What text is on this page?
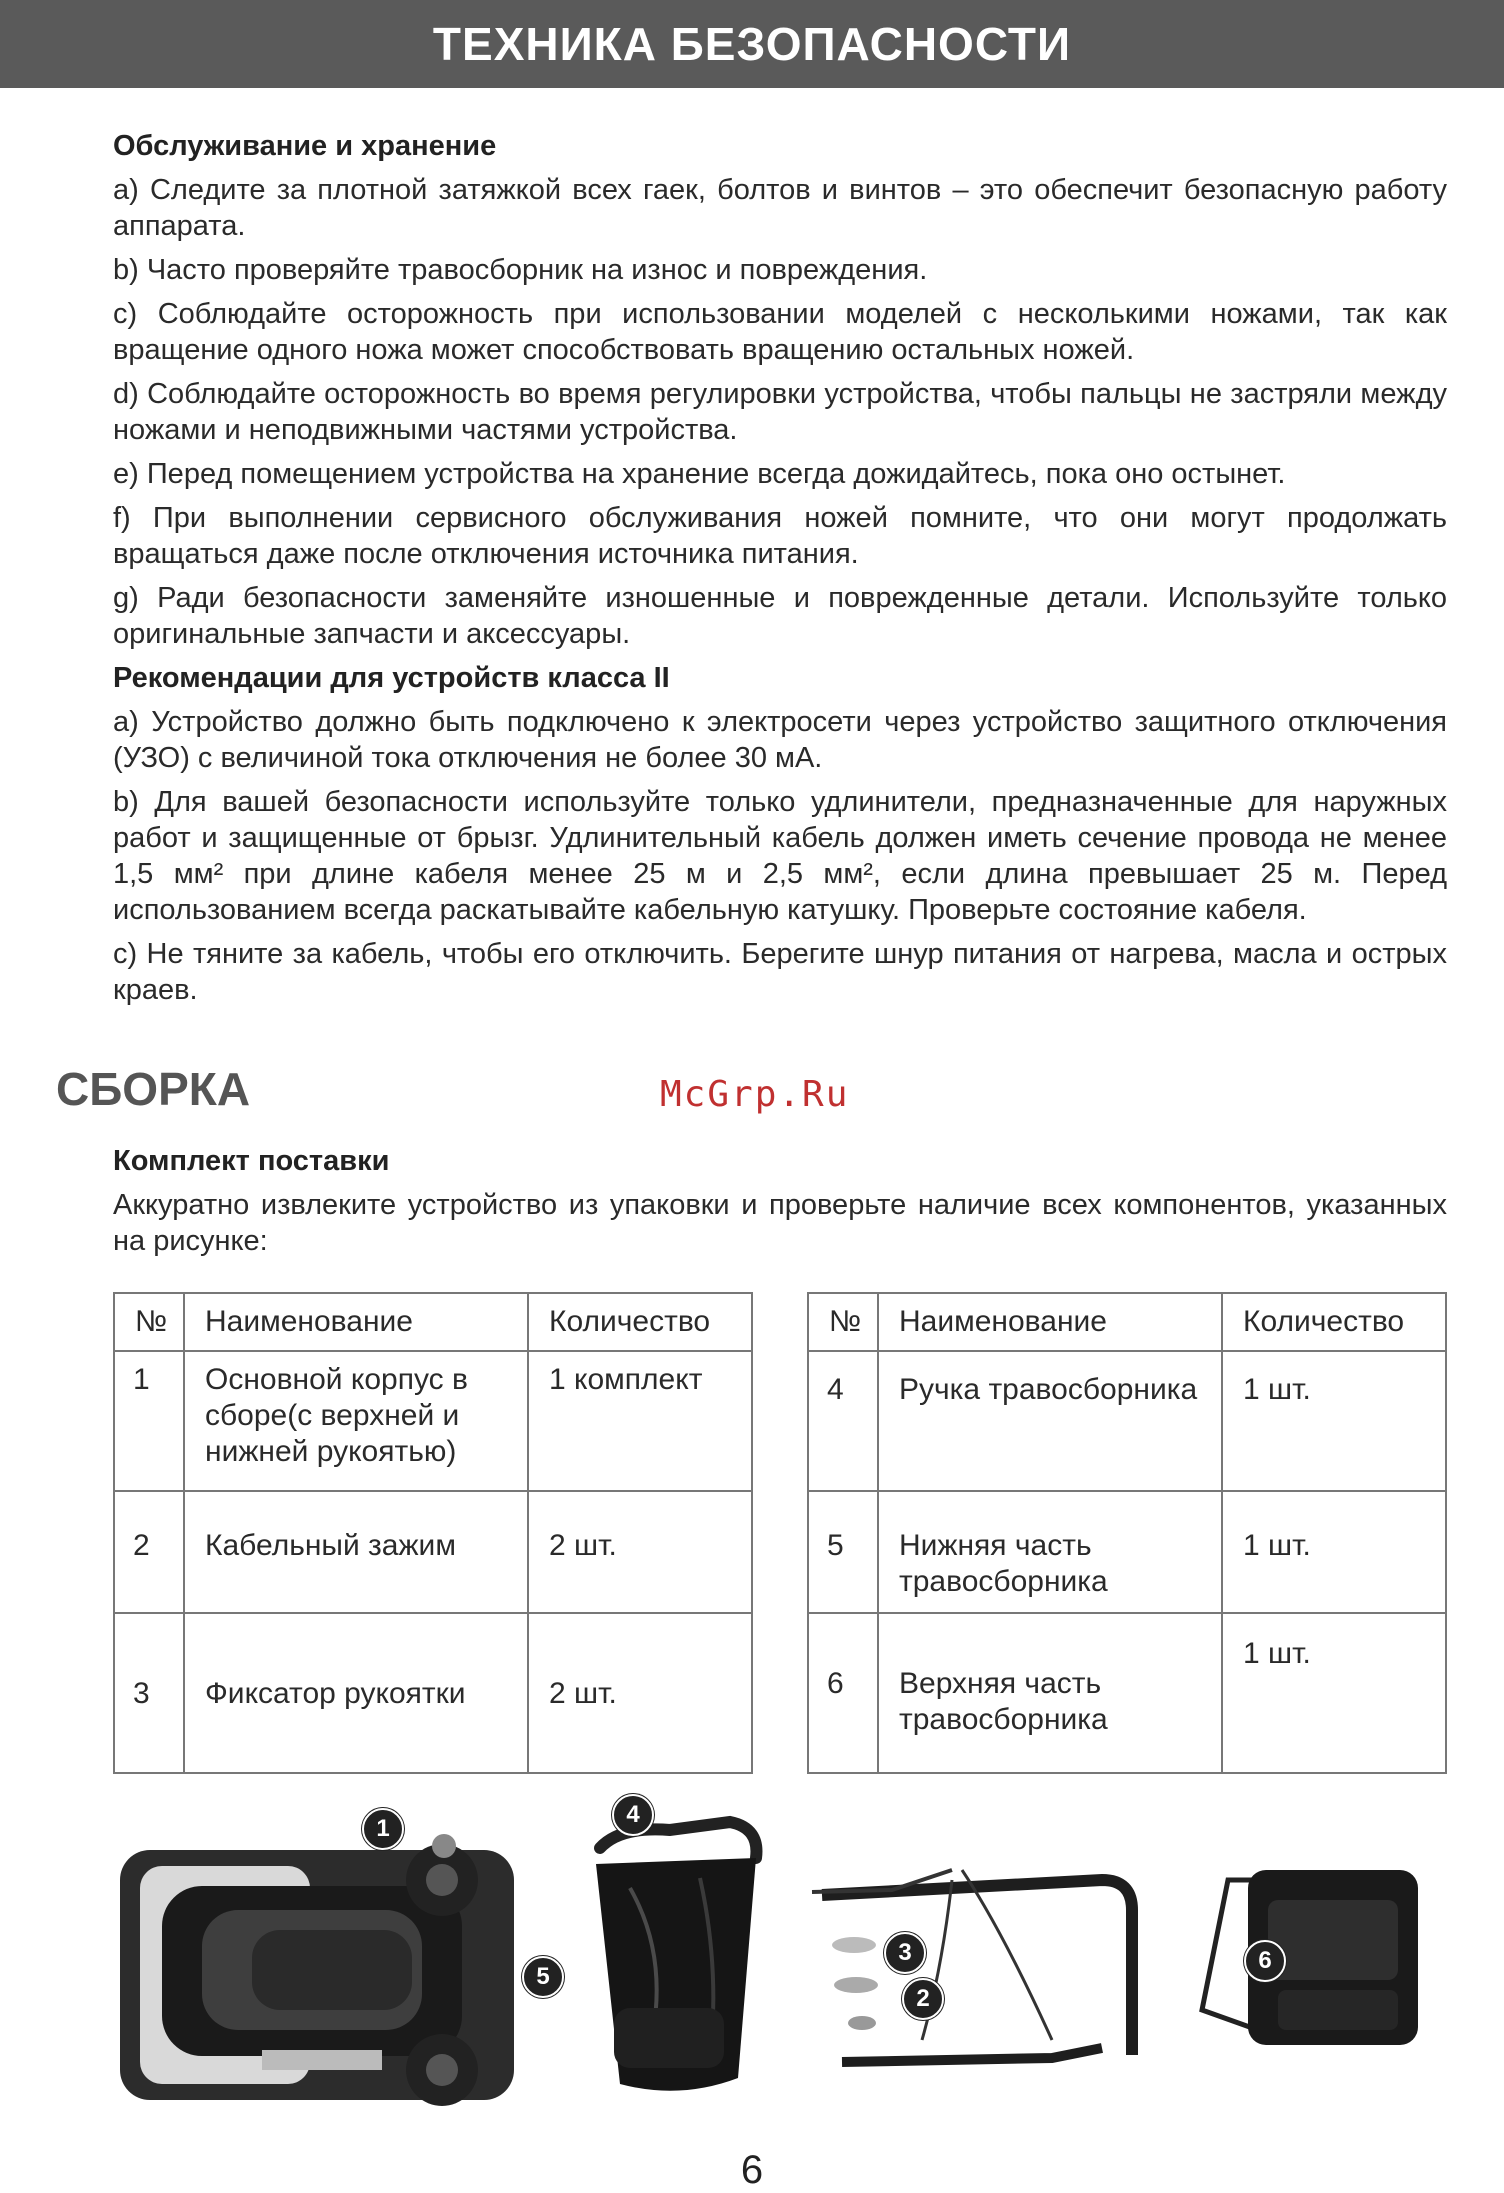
ТЕХНИКА БЕЗОПАСНОСТИ
Обслуживание и хранение

a) Следите за плотной затяжкой всех гаек, болтов и винтов – это обеспечит безопасную работу аппарата.

b) Часто проверяйте травосборник на износ и повреждения.

c) Соблюдайте осторожность при использовании моделей с несколькими ножами, так как вращение одного ножа может способствовать вращению остальных ножей.

d) Соблюдайте осторожность во время регулировки устройства, чтобы пальцы не застряли между ножами и неподвижными частями устройства.

e) Перед помещением устройства на хранение всегда дожидайтесь, пока оно остынет.

f) При выполнении сервисного обслуживания ножей помните, что они могут продолжать вращаться даже после отключения источника питания.

g) Ради безопасности заменяйте изношенные и поврежденные детали. Используйте только оригинальные запчасти и аксессуары.

Рекомендации для устройств класса II

a) Устройство должно быть подключено к электросети через устройство защитного отключения (УЗО) с величиной тока отключения не более 30 мА.

b) Для вашей безопасности используйте только удлинители, предназначенные для наружных работ и защищенные от брызг. Удлинительный кабель должен иметь сечение провода не менее 1,5 мм² при длине кабеля менее 25 м и 2,5 мм², если длина превышает 25 м. Перед использованием всегда раскатывайте кабельную катушку. Проверьте состояние кабеля.

c) Не тяните за кабель, чтобы его отключить. Берегите шнур питания от нагрева, масла и острых краев.

СБОРКА	McGrp.Ru
Комплект поставки

Аккуратно извлеките устройство из упаковки и проверьте наличие всех компонентов, указанных на рисунке:

№	Наименование	Количество
1	Основной корпус в сборе(с верхней и нижней рукоятью)	1 комплект
2	Кабельный зажим	2 шт.
3	Фиксатор рукоятки	2 шт.
№	Наименование	Количество
4	Ручка травосборника	1 шт.
5	Нижняя часть травосборника	1 шт.
6	Верхняя часть травосборника	1 шт.
1
2
3
4
5
6
6
